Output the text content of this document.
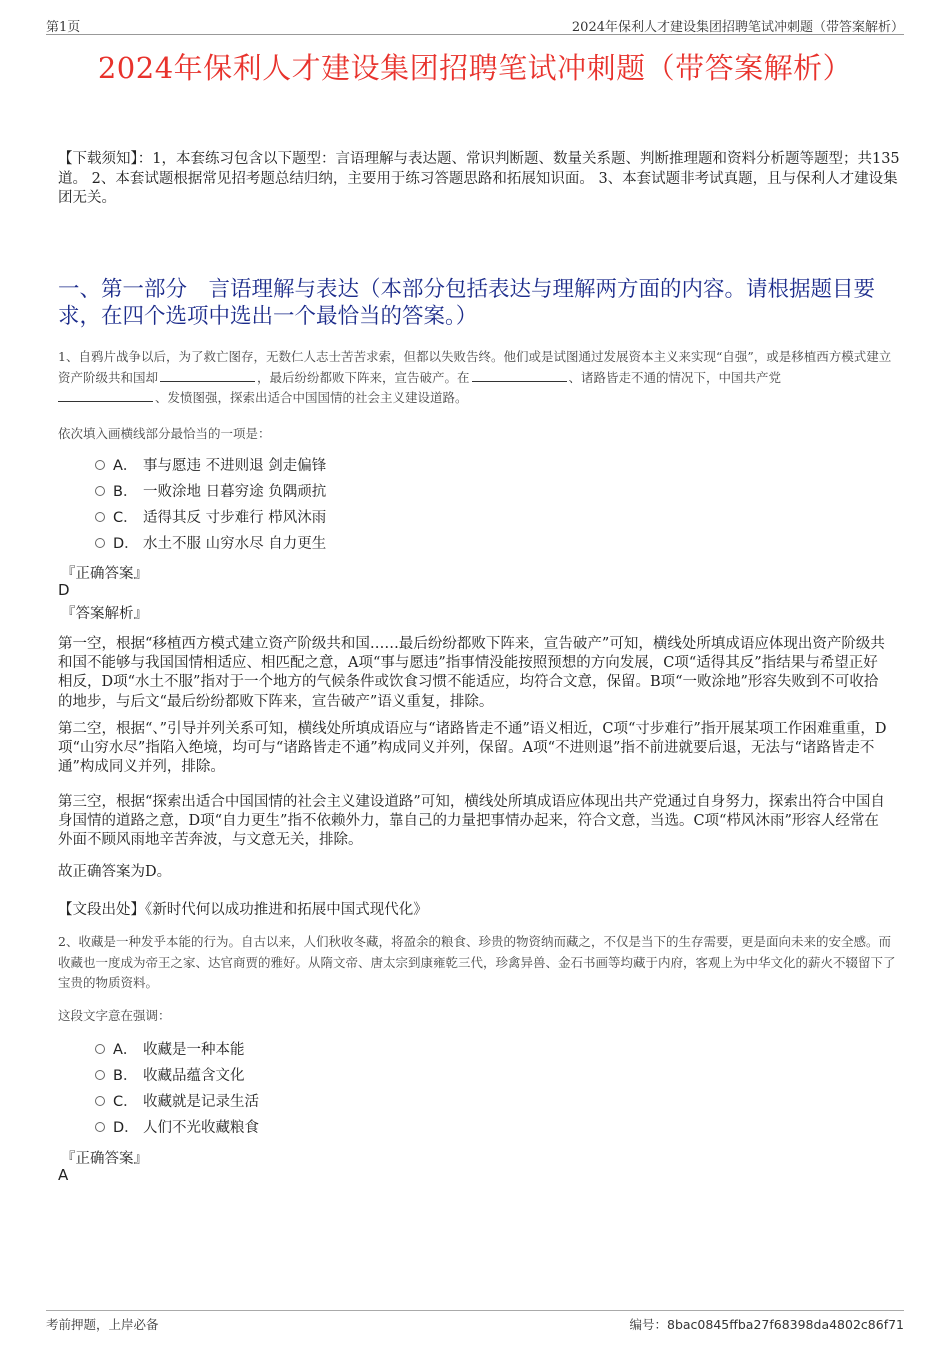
第1页	2024年保利人才建设集团招聘笔试冲刺题（带答案解析）
2024年保利人才建设集团招聘笔试冲刺题（带答案解析）
【下载须知】：1，本套练习包含以下题型：言语理解与表达题、常识判断题、数量关系题、判断推理题和资料分析题等题型；共135道。 2、本套试题根据常见招考题总结归纳，主要用于练习答题思路和拓展知识面。 3、本套试题非考试真题，且与保利人才建设集团无关。
一、第一部分　言语理解与表达（本部分包括表达与理解两方面的内容。请根据题目要求，在四个选项中选出一个最恰当的答案。）
1、自鸦片战争以后，为了救亡图存，无数仁人志士苦苦求索，但都以失败告终。他们或是试图通过发展资本主义来实现“自强”，或是移植西方模式建立资产阶级共和国却	，最后纷纷都败下阵来，宣告破产。在	、诸路皆走不通的情况下，中国共产党
、发愤图强，探索出适合中国国情的社会主义建设道路。
依次填入画横线部分最恰当的一项是：
A． 事与愿违 不进则退 剑走偏锋
B． 一败涂地 日暮穷途 负隅顽抗
C． 适得其反 寸步难行 栉风沐雨
D． 水土不服 山穷水尽 自力更生
『正确答案』
D
『答案解析』
第一空，根据“移植西方模式建立资产阶级共和国……最后纷纷都败下阵来，宣告破产”可知，横线处所填成语应体现出资产阶级共和国不能够与我国国情相适应、相匹配之意，A项“事与愿违”指事情没能按照预想的方向发展，C项“适得其反”指结果与希望正好相反，D项“水土不服”指对于一个地方的气候条件或饮食习惯不能适应，均符合文意，保留。B项“一败涂地”形容失败到不可收拾的地步，与后文“最后纷纷都败下阵来，宣告破产”语义重复，排除。
第二空，根据“、”引导并列关系可知，横线处所填成语应与“诸路皆走不通”语义相近，C项“寸步难行”指开展某项工作困难重重，D项“山穷水尽”指陷入绝境，均可与“诸路皆走不通”构成同义并列，保留。A项“不进则退”指不前进就要后退，无法与“诸路皆走不通”构成同义并列，排除。
第三空，根据“探索出适合中国国情的社会主义建设道路”可知，横线处所填成语应体现出共产党通过自身努力，探索出符合中国自身国情的道路之意，D项“自力更生”指不依赖外力，靠自己的力量把事情办起来，符合文意，当选。C项“栉风沐雨”形容人经常在外面不顾风雨地辛苦奔波，与文意无关，排除。
故正确答案为D。
【文段出处】《新时代何以成功推进和拓展中国式现代化》
2、收藏是一种发乎本能的行为。自古以来，人们秋收冬藏，将盈余的粮食、珍贵的物资纳而藏之，不仅是当下的生存需要，更是面向未来的安全感。而收藏也一度成为帝王之家、达官商贾的雅好。从隋文帝、唐太宗到康雍乾三代，珍禽异兽、金石书画等均藏于内府，客观上为中华文化的薪火不辍留下了宝贵的物质资料。
这段文字意在强调：
A． 收藏是一种本能
B． 收藏品蕴含文化
C． 收藏就是记录生活
D． 人们不光收藏粮食
『正确答案』
A
考前押题，上岸必备	编号：8bac0845ffba27f68398da4802c86f71
